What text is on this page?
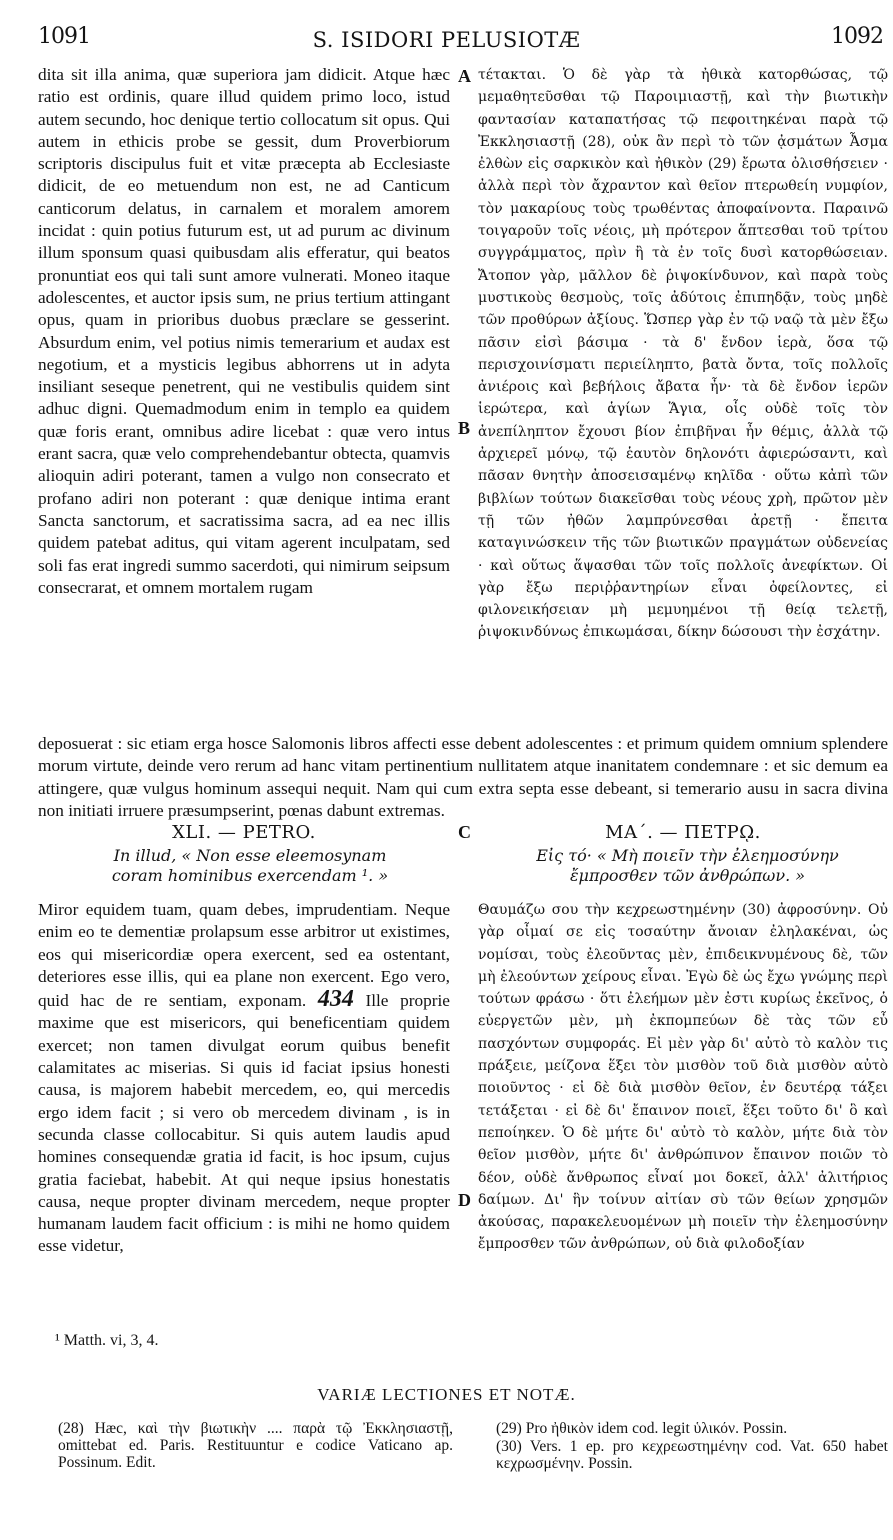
1091	S. ISIDORI PELUSIOTÆ	1092
dita sit illa anima, quæ superiora jam didicit. Atque hæc ratio est ordinis, quare illud quidem primo loco, istud autem secundo, hoc denique tertio collocatum sit opus. Qui autem in ethicis probe se gessit, dum Proverbiorum scriptoris discipulus fuit et vitæ præcepta ab Ecclesiaste didicit, de eo metuendum non est, ne ad Canticum canticorum delatus, in carnalem et moralem amorem incidat : quin potius futurum est, ut ad purum ac divinum illum sponsum quasi quibusdam alis efferatur, qui beatos pronuntiat eos qui tali sunt amore vulnerati. Moneo itaque adolescentes, et auctor ipsis sum, ne prius tertium attingant opus, quam in prioribus duobus præclare se gesserint. Absurdum enim, vel potius nimis temerarium et audax est negotium, et a mysticis legibus abhorrens ut in adyta insiliant seseque penetrent, qui ne vestibulis quidem sint adhuc digni. Quemadmodum enim in templo ea quidem quæ foris erant, omnibus adire licebat : quæ vero intus erant sacra, quæ velo comprehendebantur obtecta, quamvis alioquin adiri poterant, tamen a vulgo non consecrato et profano adiri non poterant : quæ denique intima erant Sancta sanctorum, et sacratissima sacra, ad ea nec illis quidem patebat aditus, qui vitam agerent inculpatam, sed soli fas erat ingredi summo sacerdoti, qui nimirum seipsum consecrarat, et omnem mortalem rugam
τέτακται. Ὁ δὲ γὰρ τὰ ἠθικὰ κατορθώσας, τῷ μεμαθητεῦσθαι τῷ Παροιμιαστῇ, καὶ τὴν βιωτικὴν φαντασίαν καταπατήσας τῷ πεφοιτηκέναι παρὰ τῷ Ἐκκλησιαστῇ (28), οὐκ ἂν περὶ τὸ τῶν ᾀσμάτων Ἆσμα ἐλθὼν εἰς σαρκικὸν καὶ ἠθικὸν (29) ἔρωτα ὀλισθήσειεν · ἀλλὰ περὶ τὸν ἄχραντον καὶ θεῖον πτερωθείη νυμφίον, τὸν μακαρίους τοὺς τρωθέντας ἀποφαίνοντα. Παραινῶ τοιγαροῦν τοῖς νέοις, μὴ πρότερον ἅπτεσθαι τοῦ τρίτου συγγράμματος, πρὶν ἢ τὰ ἐν τοῖς δυσὶ κατορθώσειαν. Ἄτοπον γὰρ, μᾶλλον δὲ ῥιψοκίνδυνον, καὶ παρὰ τοὺς μυστικοὺς θεσμοὺς, τοῖς ἀδύτοις ἐπιπηδᾷν, τοὺς μηδὲ τῶν προθύρων ἀξίους. Ὥσπερ γὰρ ἐν τῷ ναῷ τὰ μὲν ἔξω πᾶσιν εἰσὶ βάσιμα · τὰ δ' ἔνδον ἱερὰ, ὅσα τῷ περισχοινίσματι περιείληπτο, βατὰ ὄντα, τοῖς πολλοῖς ἀνιέροις καὶ βεβήλοις ἄβατα ἦν· τὰ δὲ ἔνδον ἱερῶν ἱερώτερα, καὶ ἁγίων Ἅγια, οἷς οὐδὲ τοῖς τὸν ἀνεπίληπτον ἔχουσι βίον ἐπιβῆναι ἦν θέμις, ἀλλὰ τῷ ἀρχιερεῖ μόνῳ, τῷ ἑαυτὸν δηλονότι ἀφιερώσαντι, καὶ πᾶσαν θνητὴν ἀποσεισαμένῳ κηλῖδα · οὕτω κἀπὶ τῶν βιβλίων τούτων διακεῖσθαι τοὺς νέους χρὴ, πρῶτον μὲν τῇ τῶν ἠθῶν λαμπρύνεσθαι ἀρετῇ · ἔπειτα καταγινώσκειν τῆς τῶν βιωτικῶν πραγμάτων οὐδενείας · καὶ οὕτως ἅψασθαι τῶν τοῖς πολλοῖς ἀνεφίκτων. Οἱ γὰρ ἔξω περιῤῥαντηρίων εἶναι ὀφείλοντες, εἰ φιλονεικήσειαν μὴ μεμυημένοι τῇ θείᾳ τελετῇ, ῥιψοκινδύνως ἐπικωμάσαι, δίκην δώσουσι τὴν ἐσχάτην.
A
B
deposuerat : sic etiam erga hosce Salomonis libros affecti esse debent adolescentes : et primum quidem omnium splendere morum virtute, deinde vero rerum ad hanc vitam pertinentium nullitatem atque inanitatem condemnare : et sic demum ea attingere, quæ vulgus hominum assequi nequit. Nam qui cum extra septa esse debeant, si temerario ausu in sacra divina non initiati irruere præsumpserint, pœnas dabunt extremas.
XLI. — PETRO.	C	ΜΑ΄. — ΠΕΤΡῼ.
In illud, « Non esse eleemosynam coram hominibus exercendam ¹. »
Εἰς τό· « Μὴ ποιεῖν τὴν ἐλεημοσύνην ἔμπροσθεν τῶν ἀνθρώπων. »
Miror equidem tuam, quam debes, imprudentiam. Neque enim eo te dementiæ prolapsum esse arbitror ut existimes, eos qui misericordiæ opera exercent, sed ea ostentant, deteriores esse illis, qui ea plane non exercent. Ego vero, quid hac de re sentiam, exponam. 434 Ille proprie maxime que est misericors, qui beneficentiam quidem exercet; non tamen divulgat eorum quibus benefit calamitates ac miserias. Si quis id faciat ipsius honesti causa, is majorem habebit mercedem, eo, qui mercedis ergo idem facit ; si vero ob mercedem divinam , is in secunda classe collocabitur. Si quis autem laudis apud homines consequendæ gratia id facit, is hoc ipsum, cujus gratia faciebat, habebit. At qui neque ipsius honestatis causa, neque propter divinam mercedem, neque propter humanam laudem facit officium : is mihi ne homo quidem esse videtur,
D
Θαυμάζω σου τὴν κεχρεωστημένην (30) ἀφροσύνην. Οὐ γὰρ οἶμαί σε εἰς τοσαύτην ἄνοιαν ἐληλακέναι, ὡς νομίσαι, τοὺς ἐλεοῦντας μὲν, ἐπιδεικνυμένους δὲ, τῶν μὴ ἐλεούντων χείρους εἶναι. Ἐγὼ δὲ ὡς ἔχω γνώμης περὶ τούτων φράσω · ὅτι ἐλεήμων μὲν ἐστι κυρίως ἐκεῖνος, ὁ εὐεργετῶν μὲν, μὴ ἐκπομπεύων δὲ τὰς τῶν εὖ πασχόντων συμφοράς. Εἰ μὲν γὰρ δι' αὐτὸ τὸ καλὸν τις πράξειε, μείζονα ἕξει τὸν μισθὸν τοῦ διὰ μισθὸν αὐτὸ ποιοῦντος · εἰ δὲ διὰ μισθὸν θεῖον, ἐν δευτέρᾳ τάξει τετάξεται · εἰ δὲ δι' ἔπαινον ποιεῖ, ἕξει τοῦτο δι' ὃ καὶ πεποίηκεν. Ὁ δὲ μήτε δι' αὐτὸ τὸ καλὸν, μήτε διὰ τὸν θεῖον μισθὸν, μήτε δι' ἀνθρώπινον ἔπαινον ποιῶν τὸ δέον, οὐδὲ ἄνθρωπος εἶναί μοι δοκεῖ, ἀλλ' ἀλιτήριος δαίμων. Δι' ἣν τοίνυν αἰτίαν σὺ τῶν θείων χρησμῶν ἀκούσας, παρακελευομένων μὴ ποιεῖν τὴν ἐλεημοσύνην ἔμπροσθεν τῶν ἀνθρώπων, οὐ διὰ φιλοδοξίαν
¹ Matth. vi, 3, 4.
VARIÆ LECTIONES ET NOTÆ.
(28) Hæc, καὶ τὴν βιωτικὴν .... παρὰ τῷ Ἐκκλησιαστῇ, omittebat ed. Paris. Restituuntur e codice Vaticano ap. Possinum. Edit.
(29) Pro ἠθικὸν idem cod. legit ὑλικόν. Possin.
(30) Vers. 1 ep. pro κεχρεωστημένην cod. Vat. 650 habet κεχρωσμένην. Possin.
